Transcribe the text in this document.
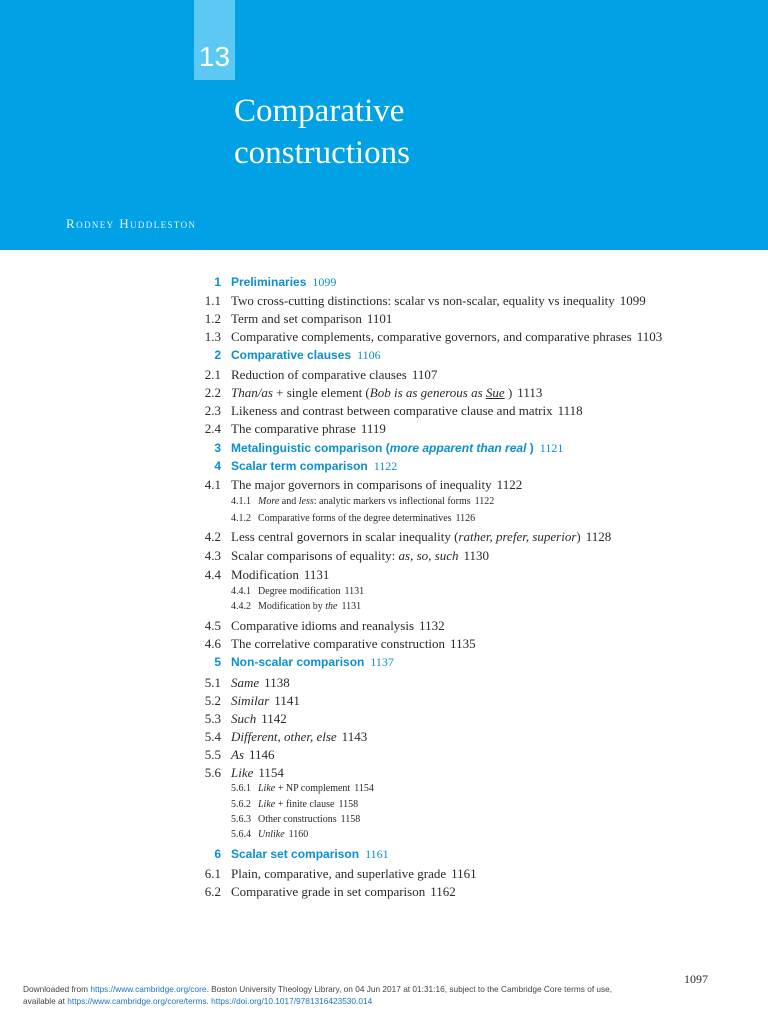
13
Comparative
constructions
Rodney Huddleston
1 Preliminaries 1099
1.1 Two cross-cutting distinctions: scalar vs non-scalar, equality vs inequality 1099
1.2 Term and set comparison 1101
1.3 Comparative complements, comparative governors, and comparative phrases 1103
2 Comparative clauses 1106
2.1 Reduction of comparative clauses 1107
2.2 Than/as + single element (Bob is as generous as Sue ) 1113
2.3 Likeness and contrast between comparative clause and matrix 1118
2.4 The comparative phrase 1119
3 Metalinguistic comparison (more apparent than real ) 1121
4 Scalar term comparison 1122
4.1 The major governors in comparisons of inequality 1122
4.1.1 More and less: analytic markers vs inflectional forms 1122
4.1.2 Comparative forms of the degree determinatives 1126
4.2 Less central governors in scalar inequality (rather, prefer, superior) 1128
4.3 Scalar comparisons of equality: as, so, such 1130
4.4 Modification 1131
4.4.1 Degree modification 1131
4.4.2 Modification by the 1131
4.5 Comparative idioms and reanalysis 1132
4.6 The correlative comparative construction 1135
5 Non-scalar comparison 1137
5.1 Same 1138
5.2 Similar 1141
5.3 Such 1142
5.4 Different, other, else 1143
5.5 As 1146
5.6 Like 1154
5.6.1 Like + NP complement 1154
5.6.2 Like + finite clause 1158
5.6.3 Other constructions 1158
5.6.4 Unlike 1160
6 Scalar set comparison 1161
6.1 Plain, comparative, and superlative grade 1161
6.2 Comparative grade in set comparison 1162
1097
Downloaded from https://www.cambridge.org/core. Boston University Theology Library, on 04 Jun 2017 at 01:31:16, subject to the Cambridge Core terms of use,
available at https://www.cambridge.org/core/terms. https://doi.org/10.1017/9781316423530.014
